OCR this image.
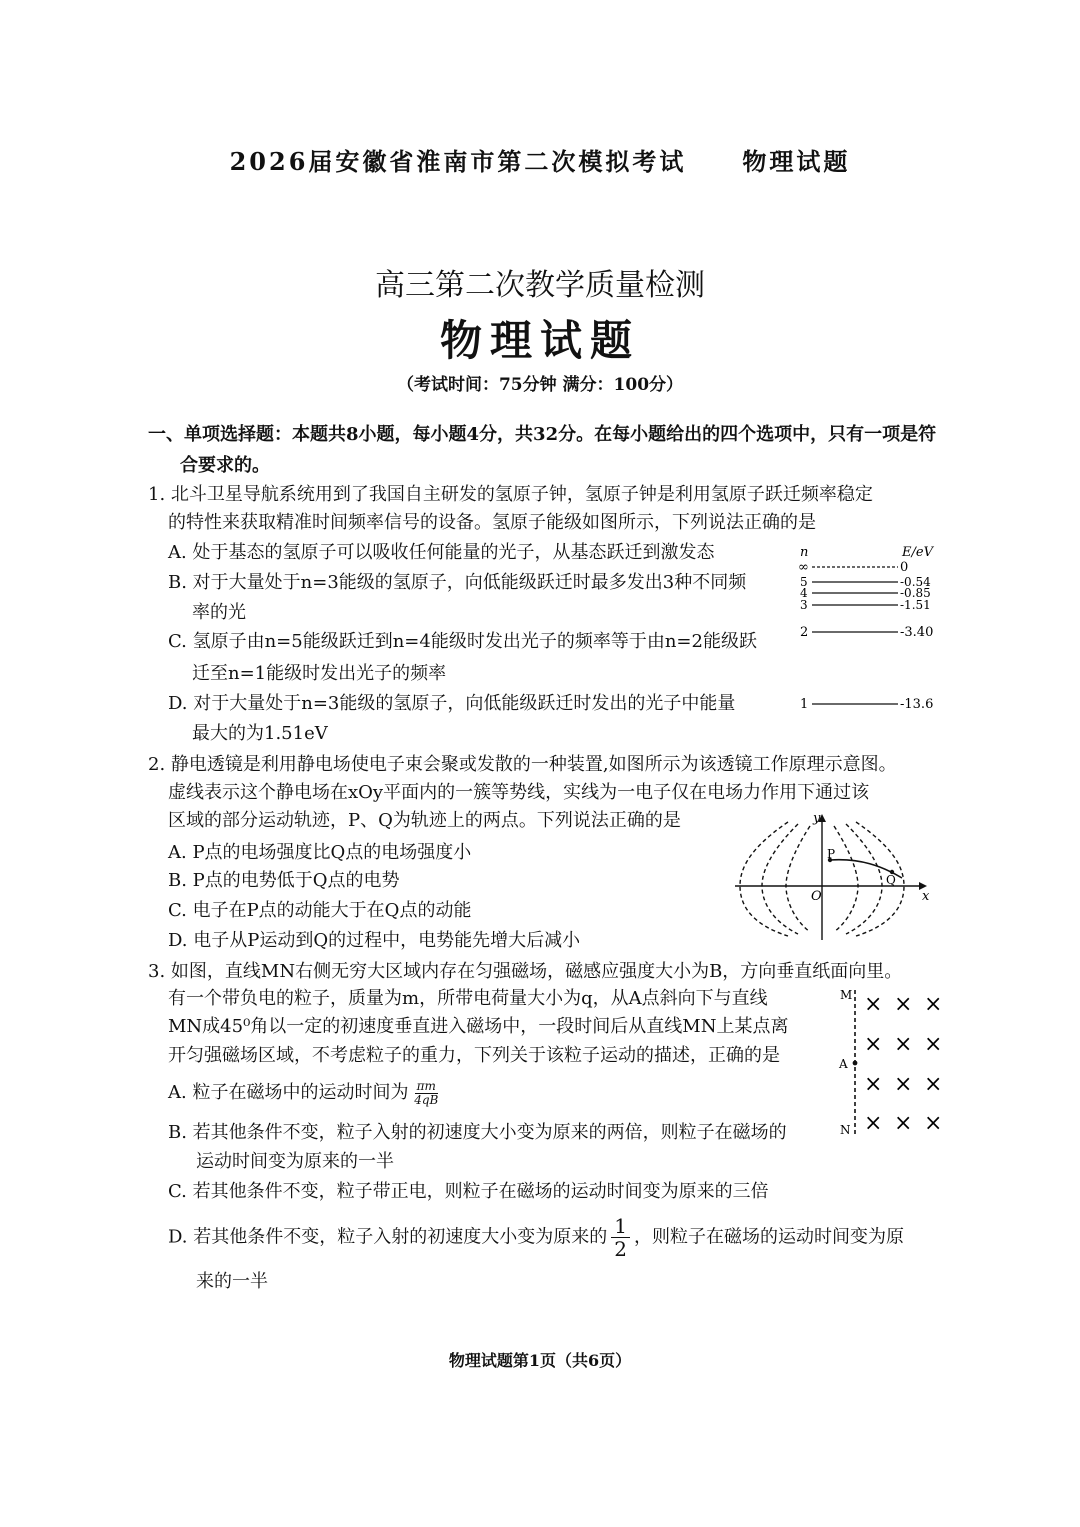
2026届安徽省淮南市第二次模拟考试 物理试题
高三第二次教学质量检测
物理试题
（考试时间：75分钟 满分：100分）
一、单项选择题：本题共8小题，每小题4分，共32分。在每小题给出的四个选项中，只有一项是符
合要求的。
1. 北斗卫星导航系统用到了我国自主研发的氢原子钟，氢原子钟是利用氢原子跃迁频率稳定
的特性来获取精准时间频率信号的设备。氢原子能级如图所示，下列说法正确的是
A. 处于基态的氢原子可以吸收任何能量的光子，从基态跃迁到激发态
B. 对于大量处于n=3能级的氢原子，向低能级跃迁时最多发出3种不同频
率的光
C. 氢原子由n=5能级跃迁到n=4能级时发出光子的频率等于由n=2能级跃
迁至n=1能级时发出光子的频率
D. 对于大量处于n=3能级的氢原子，向低能级跃迁时发出的光子中能量
最大的为1.51eV
n	E/eV
∞	0
5	-0.54
4	-0.85
3	-1.51
2	-3.40
1	-13.6
2. 静电透镜是利用静电场使电子束会聚或发散的一种装置,如图所示为该透镜工作原理示意图。
虚线表示这个静电场在xOy平面内的一簇等势线，实线为一电子仅在电场力作用下通过该
区域的部分运动轨迹，P、Q为轨迹上的两点。下列说法正确的是
A. P点的电场强度比Q点的电场强度小
B. P点的电势低于Q点的电势
C. 电子在P点的动能大于在Q点的动能
D. 电子从P运动到Q的过程中，电势能先增大后减小
y
x
O
P
Q
3. 如图，直线MN右侧无穷大区域内存在匀强磁场，磁感应强度大小为B，方向垂直纸面向里。
有一个带负电的粒子，质量为m，所带电荷量大小为q，从A点斜向下与直线
MN成45⁰角以一定的初速度垂直进入磁场中，一段时间后从直线MN上某点离
开匀强磁场区域，不考虑粒子的重力，下列关于该粒子运动的描述，正确的是
A. 粒子在磁场中的运动时间为 $\frac{\pi m}{4qB}$
B. 若其他条件不变，粒子入射的初速度大小变为原来的两倍，则粒子在磁场的
运动时间变为原来的一半
C. 若其他条件不变，粒子带正电，则粒子在磁场的运动时间变为原来的三倍
D. 若其他条件不变，粒子入射的初速度大小变为原来的 $\frac{1}{2}$ ，则粒子在磁场的运动时间变为原
来的一半
M
N
A
× × ×
× × ×
× × ×
× × ×
物理试题第1页（共6页）
